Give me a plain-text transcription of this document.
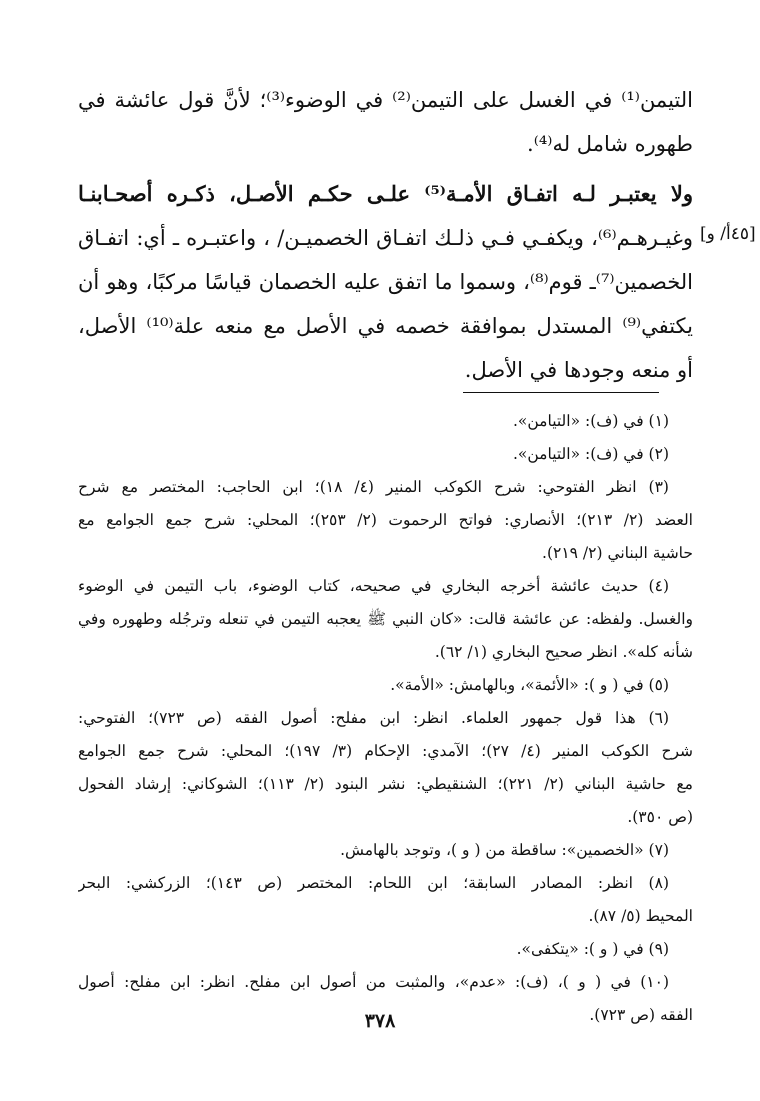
التيمن⁽¹⁾ في الغسل على التيمن⁽²⁾ في الوضوء⁽³⁾؛ لأنَّ قول عائشة في
طهوره شامل له⁽⁴⁾.
ولا يعتبـر لـه اتفـاق الأمـة⁽⁵⁾ علـى حكـم الأصـل، ذكـره أصحـابنـا
وغيـرهـم⁽⁶⁾، ويكفـي فـي ذلـك اتفـاق الخصميـن/ ، واعتبـره ـ أي: اتفـاق
الخصمين⁽⁷⁾ـ قوم⁽⁸⁾، وسموا ما اتفق عليه الخصمان قياسًا مركبًا، وهو أن
يكتفي⁽⁹⁾ المستدل بموافقة خصمه في الأصل مع منعه علة⁽¹⁰⁾ الأصل،
أو منعه وجودها في الأصل.
[٤٥أ/ و]
(١) في (ف): «التيامن».
(٢) في (ف): «التيامن».
(٣) انظر الفتوحي: شرح الكوكب المنير (٤/ ١٨)؛ ابن الحاجب: المختصر مع شرح
العضد (٢/ ٢١٣)؛ الأنصاري: فواتح الرحموت (٢/ ٢٥٣)؛ المحلي: شرح جمع الجوامع مع
حاشية البناني (٢/ ٢١٩).
(٤) حديث عائشة أخرجه البخاري في صحيحه، كتاب الوضوء، باب التيمن في الوضوء
والغسل. ولفظه: عن عائشة قالت: «كان النبي ﷺ يعجبه التيمن في تنعله وترجُله وطهوره وفي
شأنه كله». انظر صحيح البخاري (١/ ٦٢).
(٥) في ( و ): «الأئمة»، وبالهامش: «الأمة».
(٦) هذا قول جمهور العلماء. انظر: ابن مفلح: أصول الفقه (ص ٧٢٣)؛ الفتوحي:
شرح الكوكب المنير (٤/ ٢٧)؛ الآمدي: الإحكام (٣/ ١٩٧)؛ المحلي: شرح جمع الجوامع
مع حاشية البناني (٢/ ٢٢١)؛ الشنقيطي: نشر البنود (٢/ ١١٣)؛ الشوكاني: إرشاد الفحول
(ص ٣٥٠).
(٧) «الخصمين»: ساقطة من ( و )، وتوجد بالهامش.
(٨) انظر: المصادر السابقة؛ ابن اللحام: المختصر (ص ١٤٣)؛ الزركشي: البحر
المحيط (٥/ ٨٧).
(٩) في ( و ): «يتكفى».
(١٠) في ( و )، (ف): «عدم»، والمثبت من أصول ابن مفلح. انظر: ابن مفلح: أصول
الفقه (ص ٧٢٣).
٣٧٨
